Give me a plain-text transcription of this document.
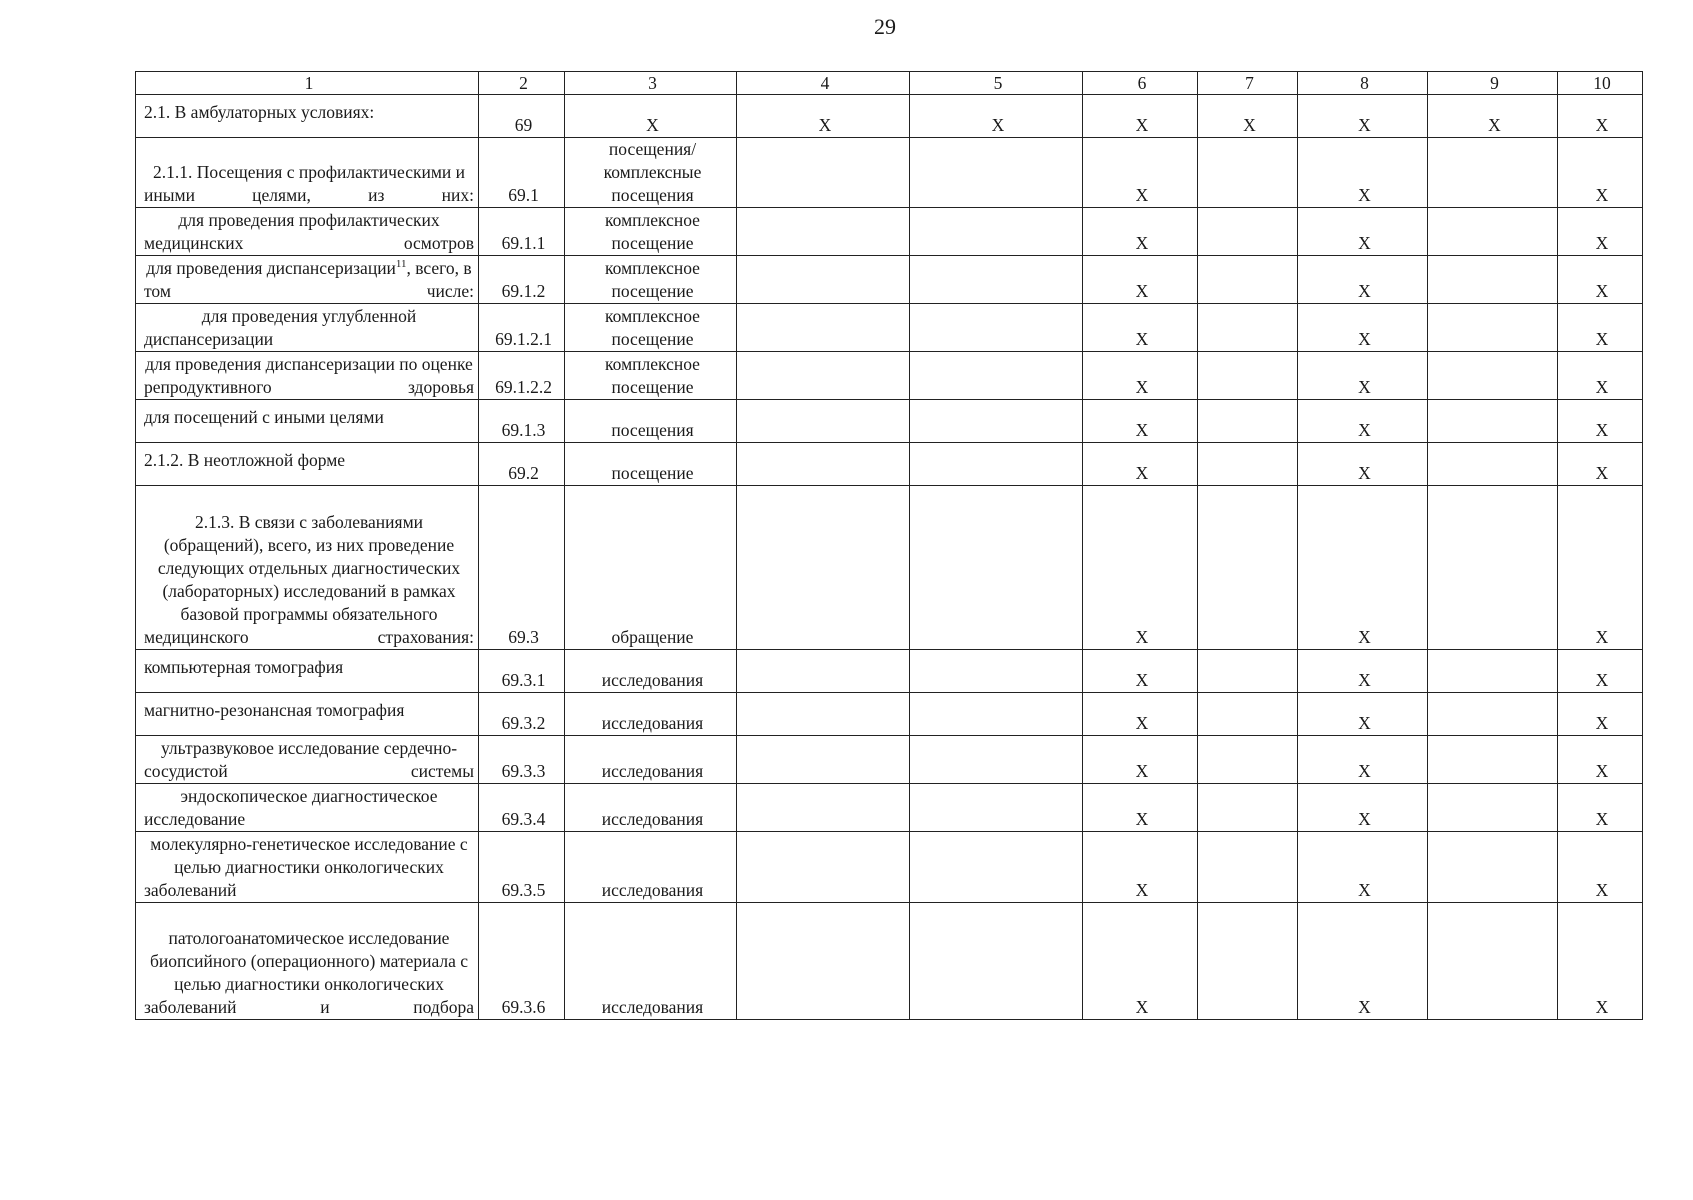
29
1	2	3	4	5	6	7	8	9	10
2.1. В амбулаторных условиях:	69	Х	Х	Х	Х	Х	Х	Х	Х
2.1.1. Посещения с профилактическими и иными целями, из них:	69.1	посещения/ комплексные посещения			Х		Х		Х
для проведения профилактических медицинских осмотров	69.1.1	комплексное посещение			Х		Х		Х
для проведения диспансеризации$^{11}$, всего, в том числе:	69.1.2	комплексное посещение			Х		Х		Х
для проведения углубленной диспансеризации	69.1.2.1	комплексное посещение			Х		Х		Х
для проведения диспансеризации по оценке репродуктивного здоровья	69.1.2.2	комплексное посещение			Х		Х		Х
для посещений с иными целями	69.1.3	посещения			Х		Х		Х
2.1.2. В неотложной форме	69.2	посещение			Х		Х		Х
2.1.3. В связи с заболеваниями (обращений), всего, из них проведение следующих отдельных диагностических (лабораторных) исследований в рамках базовой программы обязательного медицинского страхования:	69.3	обращение			Х		Х		Х
компьютерная томография	69.3.1	исследования			Х		Х		Х
магнитно-резонансная томография	69.3.2	исследования			Х		Х		Х
ультразвуковое исследование сердечно-сосудистой системы	69.3.3	исследования			Х		Х		Х
эндоскопическое диагностическое исследование	69.3.4	исследования			Х		Х		Х
молекулярно-генетическое исследование с целью диагностики онкологических заболеваний	69.3.5	исследования			Х		Х		Х
патологоанатомическое исследование биопсийного (операционного) материала с целью диагностики онкологических заболеваний и подбора	69.3.6	исследования			Х		Х		Х
